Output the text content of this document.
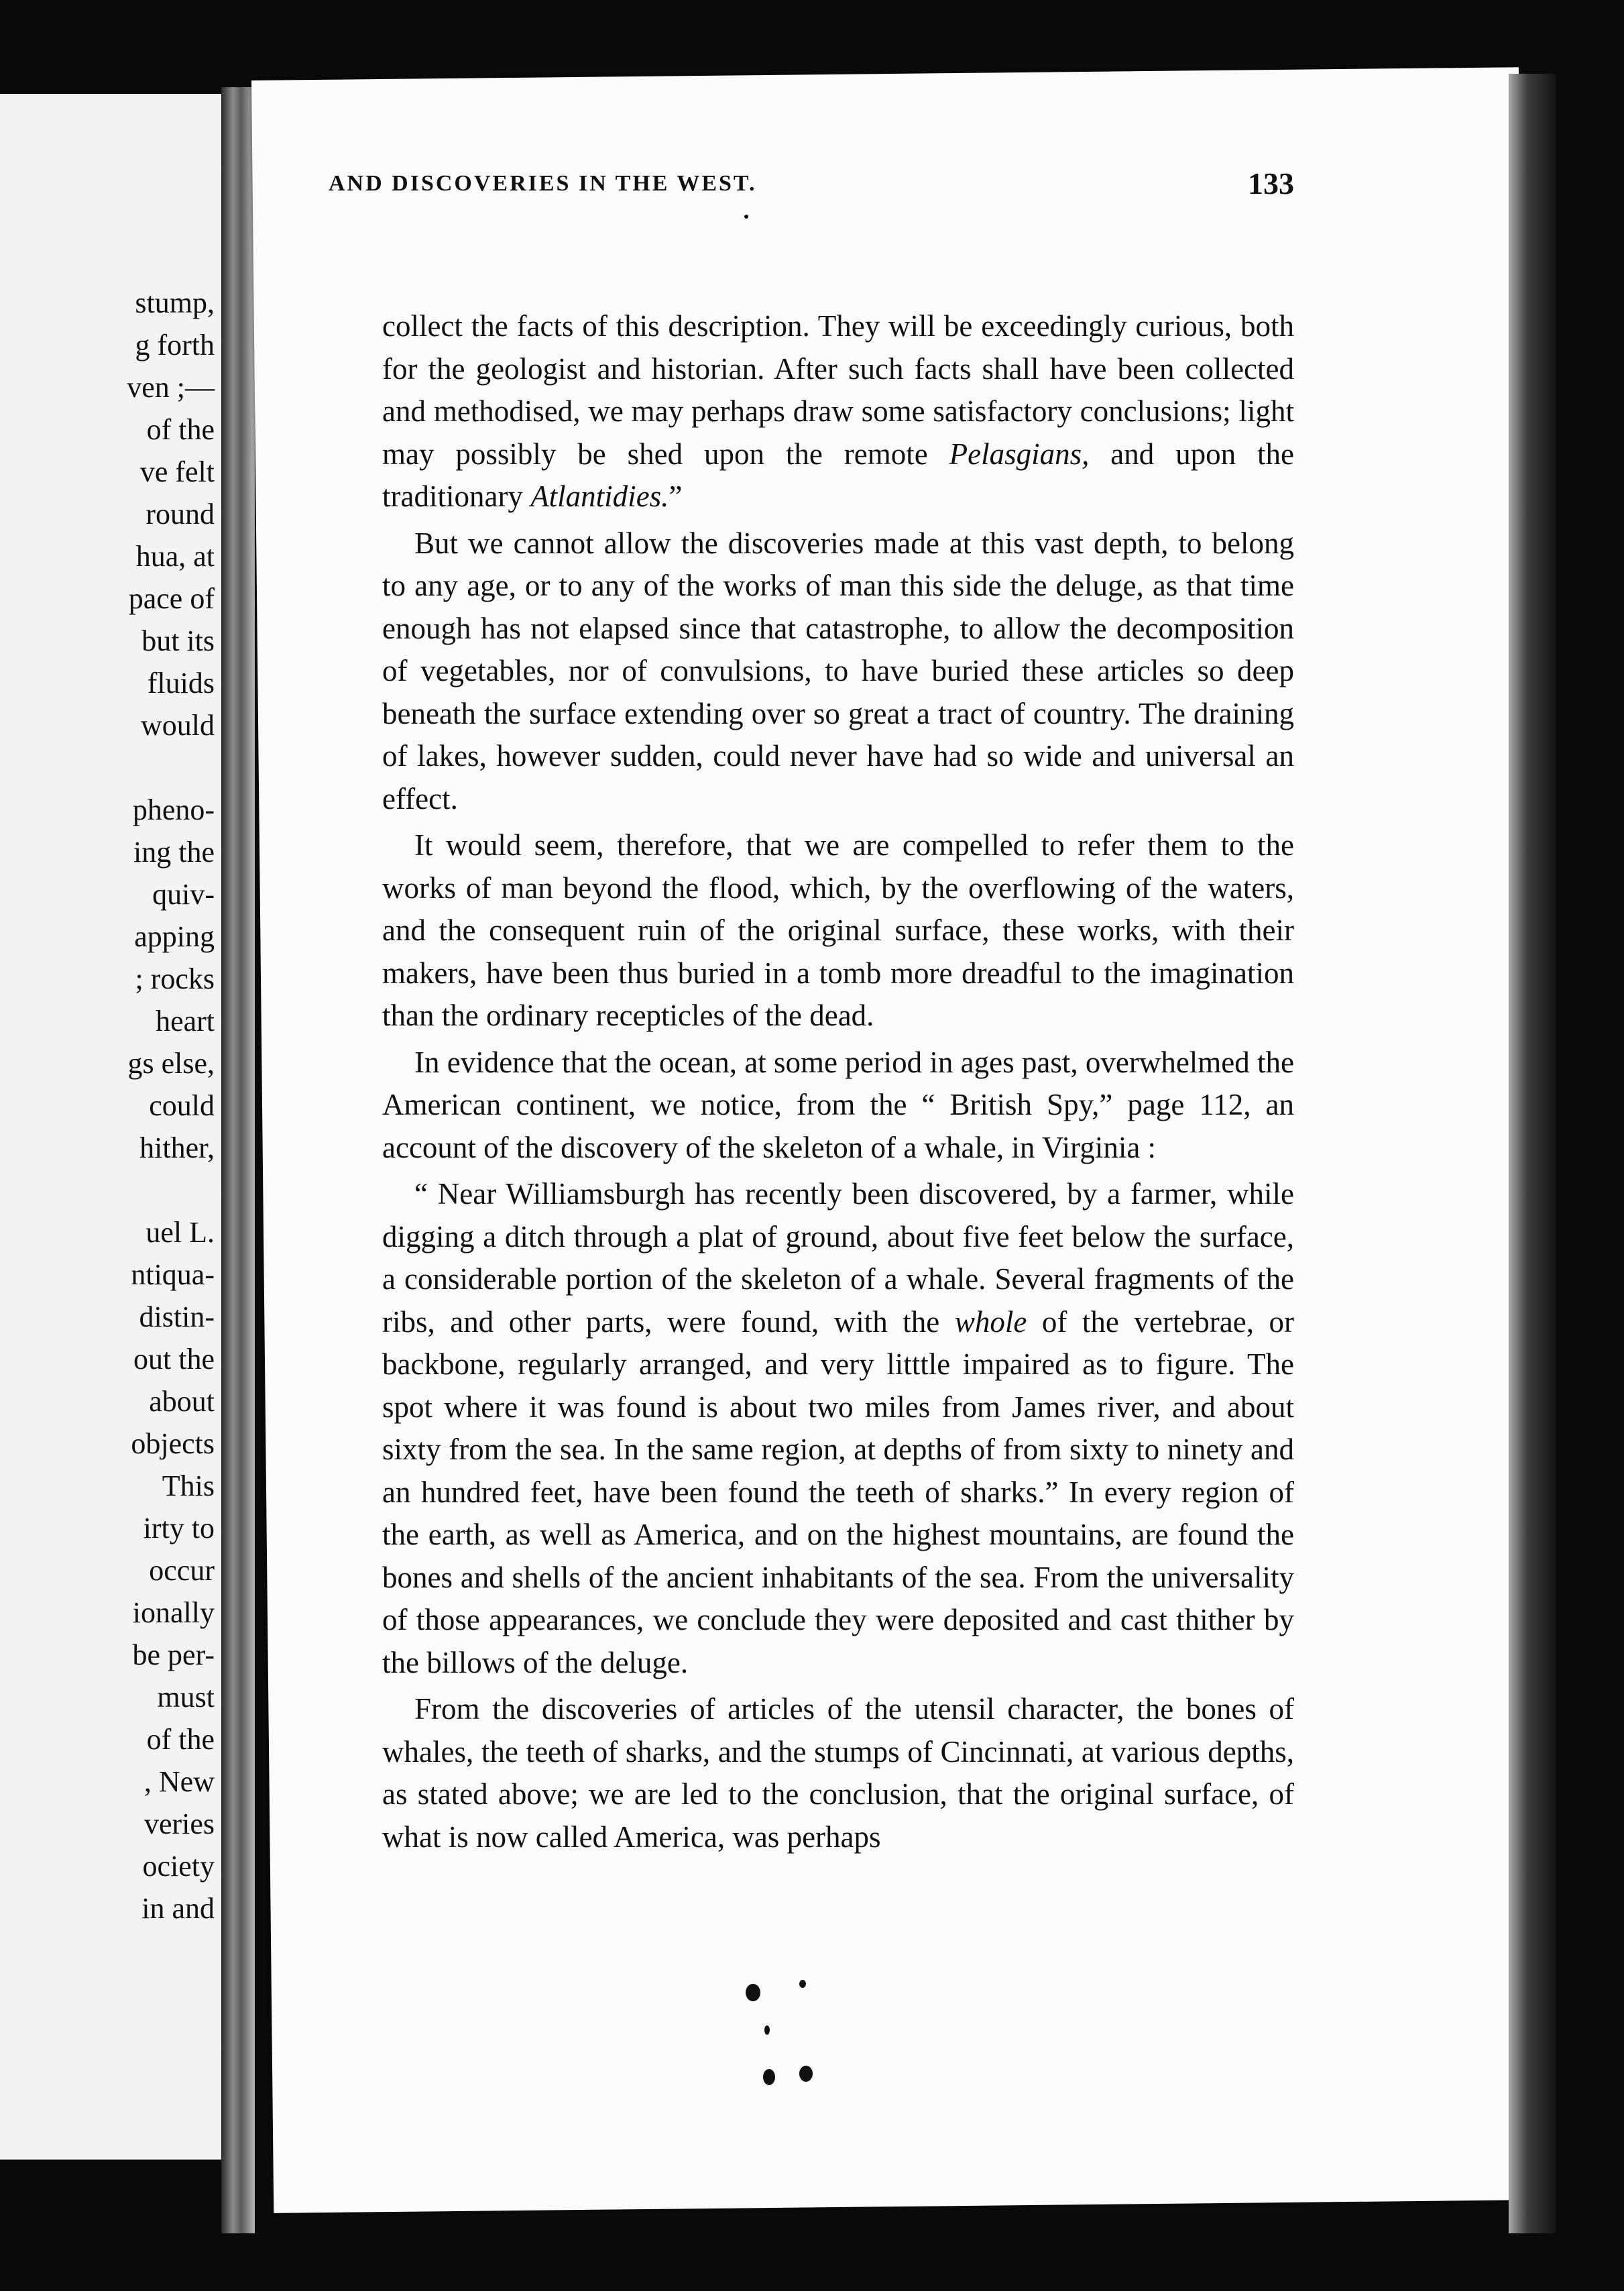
stump,
g forth
ven ;—
of the
ve felt
round
hua, at
pace of
but its
fluids
would

pheno-
ing the
quiv-
apping
; rocks
heart
gs else,
could
hither,

uel L.
ntiqua-
distin-
out the
about
objects
This
irty to
occur
ionally
be per-
must
of the
, New
veries
ociety
in and
AND DISCOVERIES IN THE WEST.	133

collect the facts of this description. They will be exceedingly curious, both for the geologist and historian. After such facts shall have been collected and methodised, we may perhaps draw some satisfactory conclusions; light may possibly be shed upon the remote Pelasgians, and upon the traditionary Atlantidies.”

But we cannot allow the discoveries made at this vast depth, to belong to any age, or to any of the works of man this side the deluge, as that time enough has not elapsed since that catastrophe, to allow the decomposition of vegetables, nor of convulsions, to have buried these articles so deep beneath the surface extending over so great a tract of country. The draining of lakes, however sudden, could never have had so wide and universal an effect.

It would seem, therefore, that we are compelled to refer them to the works of man beyond the flood, which, by the overflowing of the waters, and the consequent ruin of the original surface, these works, with their makers, have been thus buried in a tomb more dreadful to the imagination than the ordinary recepticles of the dead.

In evidence that the ocean, at some period in ages past, overwhelmed the American continent, we notice, from the “ British Spy,” page 112, an account of the discovery of the skeleton of a whale, in Virginia :

“ Near Williamsburgh has recently been discovered, by a farmer, while digging a ditch through a plat of ground, about five feet below the surface, a considerable portion of the skeleton of a whale. Several fragments of the ribs, and other parts, were found, with the whole of the vertebrae, or backbone, regularly arranged, and very litttle impaired as to figure. The spot where it was found is about two miles from James river, and about sixty from the sea. In the same region, at depths of from sixty to ninety and an hundred feet, have been found the teeth of sharks.” In every region of the earth, as well as America, and on the highest mountains, are found the bones and shells of the ancient inhabitants of the sea. From the universality of those appearances, we conclude they were deposited and cast thither by the billows of the deluge.

From the discoveries of articles of the utensil character, the bones of whales, the teeth of sharks, and the stumps of Cincinnati, at various depths, as stated above; we are led to the conclusion, that the original surface, of what is now called America, was perhaps
